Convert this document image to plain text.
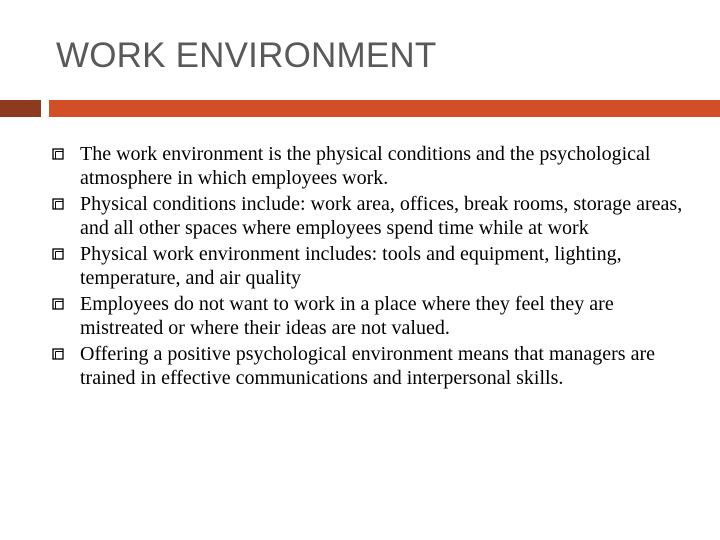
WORK ENVIRONMENT
The work environment is the physical conditions and the psychological atmosphere in which employees work.
Physical conditions include: work area, offices, break rooms, storage areas, and all other spaces where employees spend time while at work
Physical work environment includes: tools and equipment, lighting, temperature, and air quality
Employees do not want to work in a place where they feel they are mistreated or where their ideas are not valued.
Offering a positive psychological environment means that managers are trained in effective communications and interpersonal skills.
